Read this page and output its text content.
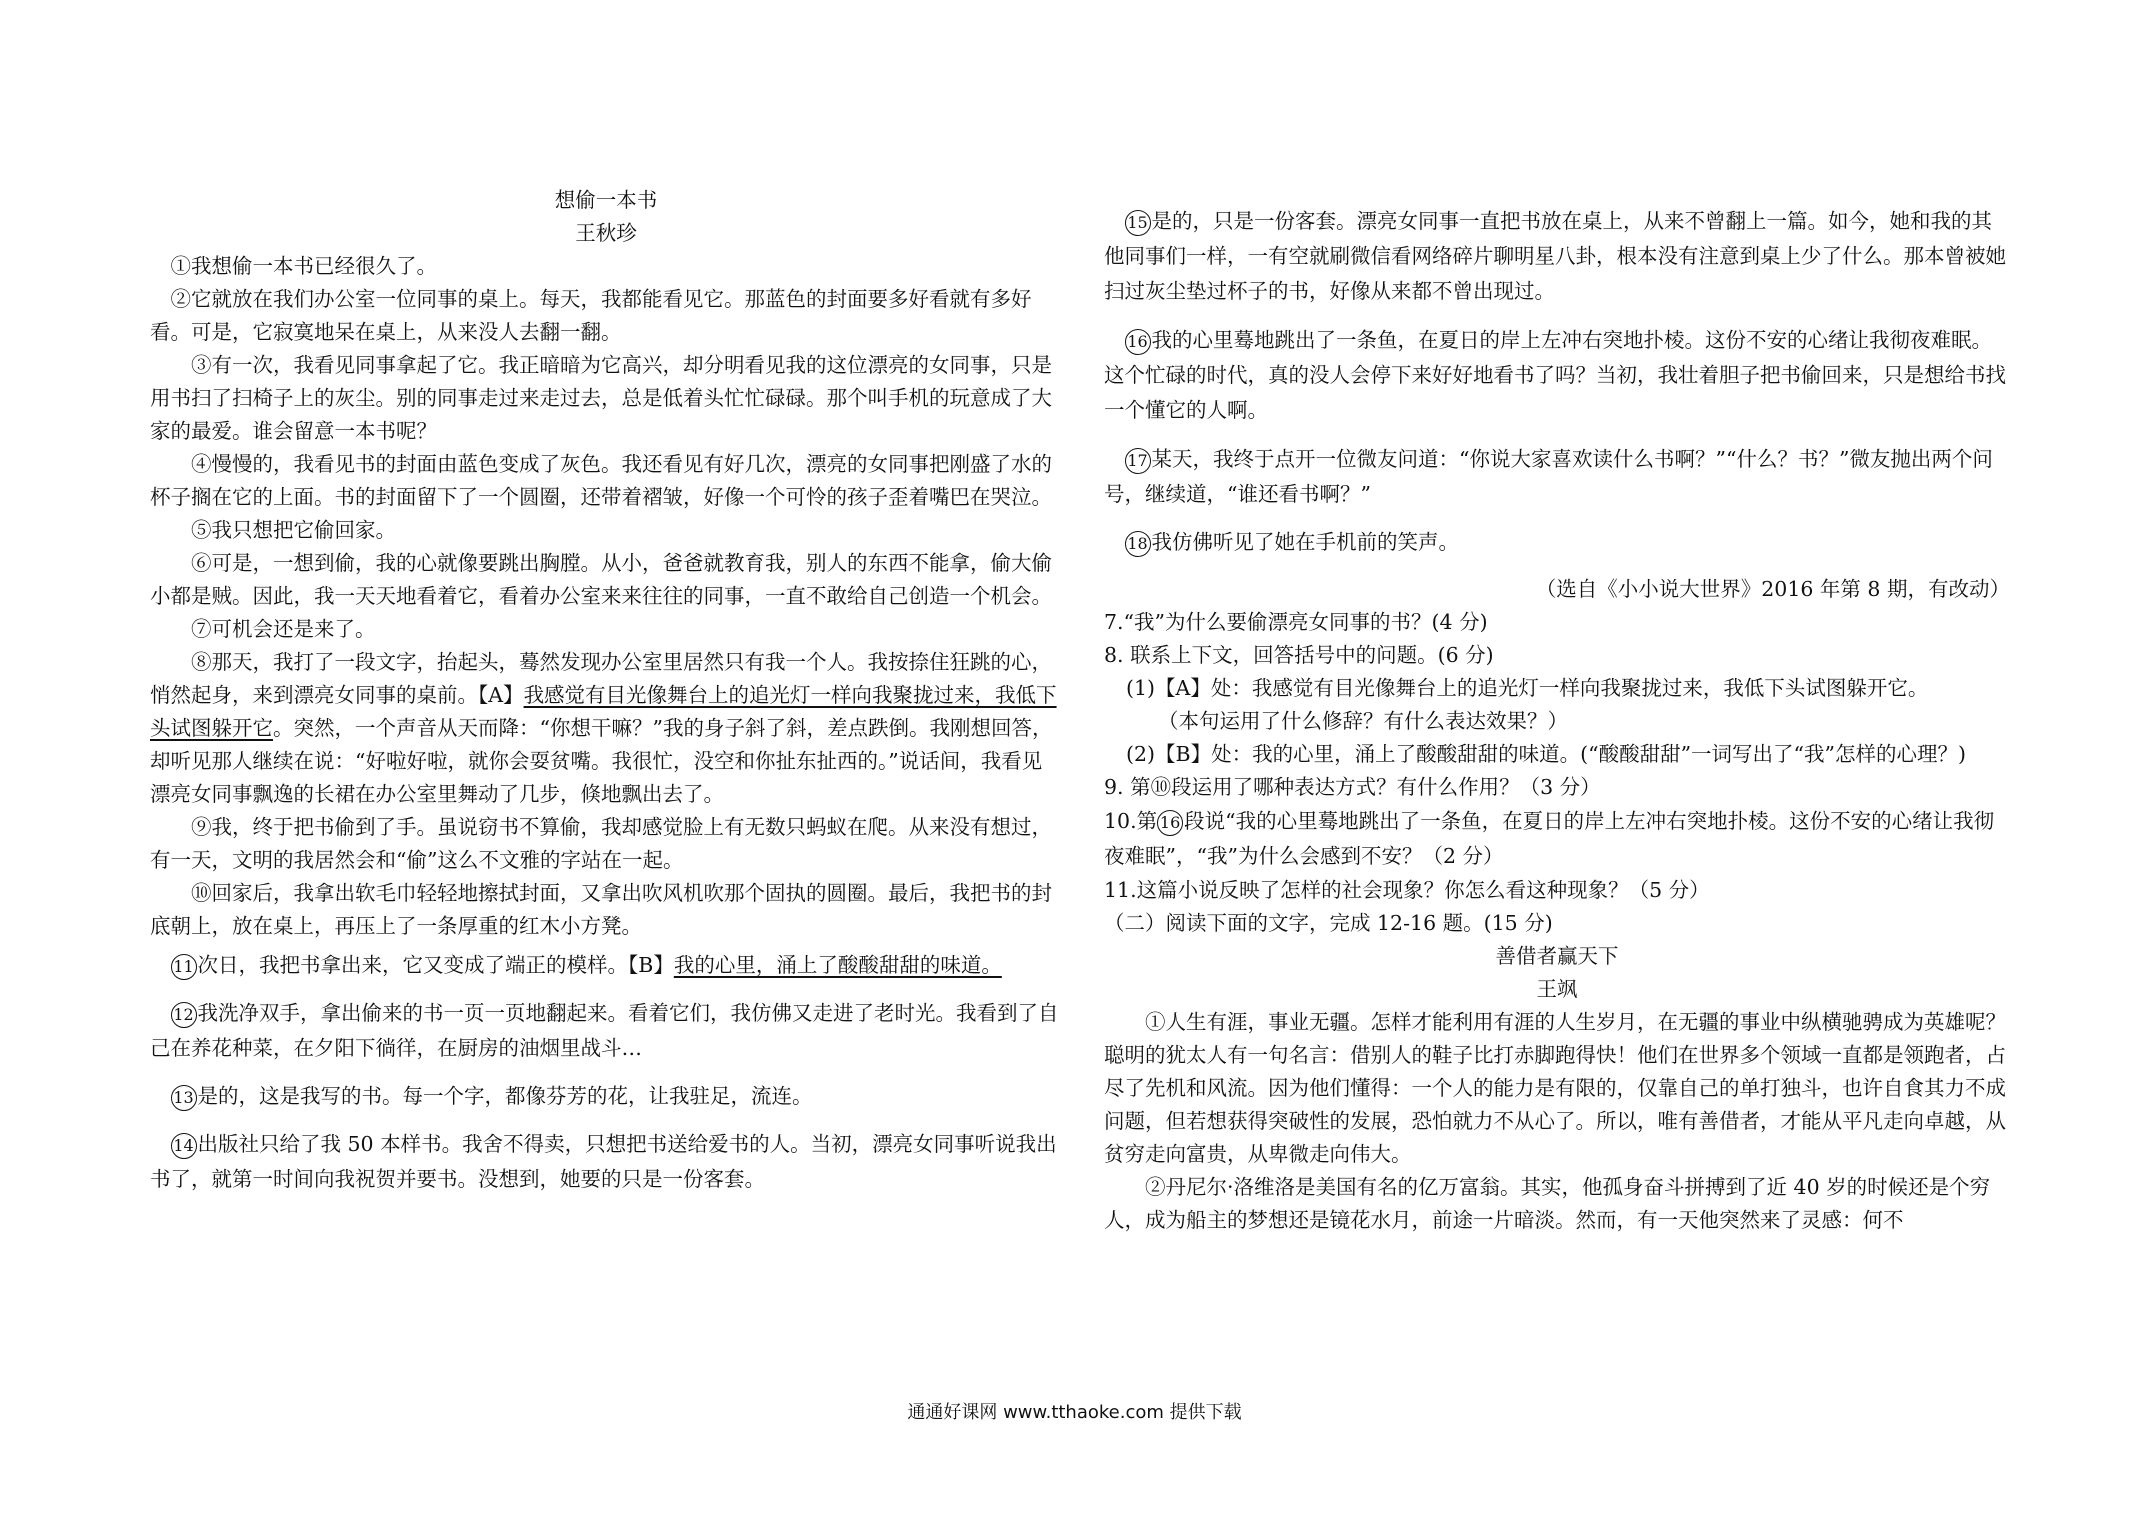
想偷一本书

王秋珍

①我想偷一本书已经很久了。

②它就放在我们办公室一位同事的桌上。每天，我都能看见它。那蓝色的封面要多好看就有多好看。可是，它寂寞地呆在桌上，从来没人去翻一翻。

③有一次，我看见同事拿起了它。我正暗暗为它高兴，却分明看见我的这位漂亮的女同事，只是用书扫了扫椅子上的灰尘。别的同事走过来走过去，总是低着头忙忙碌碌。那个叫手机的玩意成了大家的最爱。谁会留意一本书呢？

④慢慢的，我看见书的封面由蓝色变成了灰色。我还看见有好几次，漂亮的女同事把刚盛了水的杯子搁在它的上面。书的封面留下了一个圆圈，还带着褶皱，好像一个可怜的孩子歪着嘴巴在哭泣。

⑤我只想把它偷回家。

⑥可是，一想到偷，我的心就像要跳出胸膛。从小，爸爸就教育我，别人的东西不能拿，偷大偷小都是贼。因此，我一天天地看着它，看着办公室来来往往的同事，一直不敢给自己创造一个机会。

⑦可机会还是来了。

⑧那天，我打了一段文字，抬起头，蓦然发现办公室里居然只有我一个人。我按捺住狂跳的心，悄然起身，来到漂亮女同事的桌前。【A】我感觉有目光像舞台上的追光灯一样向我聚拢过来，我低下头试图躲开它。突然，一个声音从天而降：“你想干嘛？”我的身子斜了斜，差点跌倒。我刚想回答，却听见那人继续在说：“好啦好啦，就你会耍贫嘴。我很忙，没空和你扯东扯西的。”说话间，我看见漂亮女同事飘逸的长裙在办公室里舞动了几步，倏地飘出去了。

⑨我，终于把书偷到了手。虽说窃书不算偷，我却感觉脸上有无数只蚂蚁在爬。从来没有想过，有一天，文明的我居然会和“偷”这么不文雅的字站在一起。

⑩回家后，我拿出软毛巾轻轻地擦拭封面，又拿出吹风机吹那个固执的圆圈。最后，我把书的封底朝上，放在桌上，再压上了一条厚重的红木小方凳。

11 次日，我把书拿出来，它又变成了端正的模样。【B】我的心里，涌上了酸酸甜甜的味道。

12 我洗净双手，拿出偷来的书一页一页地翻起来。看着它们，我仿佛又走进了老时光。我看到了自己在养花种菜，在夕阳下徜徉，在厨房的油烟里战斗…

13 是的，这是我写的书。每一个字，都像芬芳的花，让我驻足，流连。

14 出版社只给了我 50 本样书。我舍不得卖，只想把书送给爱书的人。当初，漂亮女同事听说我出书了，就第一时间向我祝贺并要书。没想到，她要的只是一份客套。

15 是的，只是一份客套。漂亮女同事一直把书放在桌上，从来不曾翻上一篇。如今，她和我的其他同事们一样，一有空就刷微信看网络碎片聊明星八卦，根本没有注意到桌上少了什么。那本曾被她扫过灰尘垫过杯子的书，好像从来都不曾出现过。

16 我的心里蓦地跳出了一条鱼，在夏日的岸上左冲右突地扑棱。这份不安的心绪让我彻夜难眠。这个忙碌的时代，真的没人会停下来好好地看书了吗？当初，我壮着胆子把书偷回来，只是想给书找一个懂它的人啊。

17 某天，我终于点开一位微友问道：“你说大家喜欢读什么书啊？”“什么？书？”微友抛出两个问号，继续道，“谁还看书啊？”

18 我仿佛听见了她在手机前的笑声。

（选自《小小说大世界》2016 年第 8 期，有改动）

7.“我”为什么要偷漂亮女同事的书？(4 分)

8. 联系上下文，回答括号中的问题。(6 分)

(1)【A】处：我感觉有目光像舞台上的追光灯一样向我聚拢过来，我低下头试图躲开它。

（本句运用了什么修辞？有什么表达效果？）

(2)【B】处：我的心里，涌上了酸酸甜甜的味道。(“酸酸甜甜”一词写出了“我”怎样的心理？)

9. 第⑩段运用了哪种表达方式？有什么作用？（3 分）

10.第 16 段说“我的心里蓦地跳出了一条鱼，在夏日的岸上左冲右突地扑棱。这份不安的心绪让我彻夜难眠”，“我”为什么会感到不安？（2 分）

11.这篇小说反映了怎样的社会现象？你怎么看这种现象？（5 分）

（二）阅读下面的文字，完成 12-16 题。(15 分)

善借者赢天下

王飒

①人生有涯，事业无疆。怎样才能利用有涯的人生岁月，在无疆的事业中纵横驰骋成为英雄呢？聪明的犹太人有一句名言：借别人的鞋子比打赤脚跑得快！他们在世界多个领域一直都是领跑者，占尽了先机和风流。因为他们懂得：一个人的能力是有限的，仅靠自己的单打独斗，也许自食其力不成问题，但若想获得突破性的发展，恐怕就力不从心了。所以，唯有善借者，才能从平凡走向卓越，从贫穷走向富贵，从卑微走向伟大。

②丹尼尔·洛维洛是美国有名的亿万富翁。其实，他孤身奋斗拼搏到了近 40 岁的时候还是个穷人，成为船主的梦想还是镜花水月，前途一片暗淡。然而，有一天他突然来了灵感：何不

通通好课网 www.tthaoke.com 提供下载
